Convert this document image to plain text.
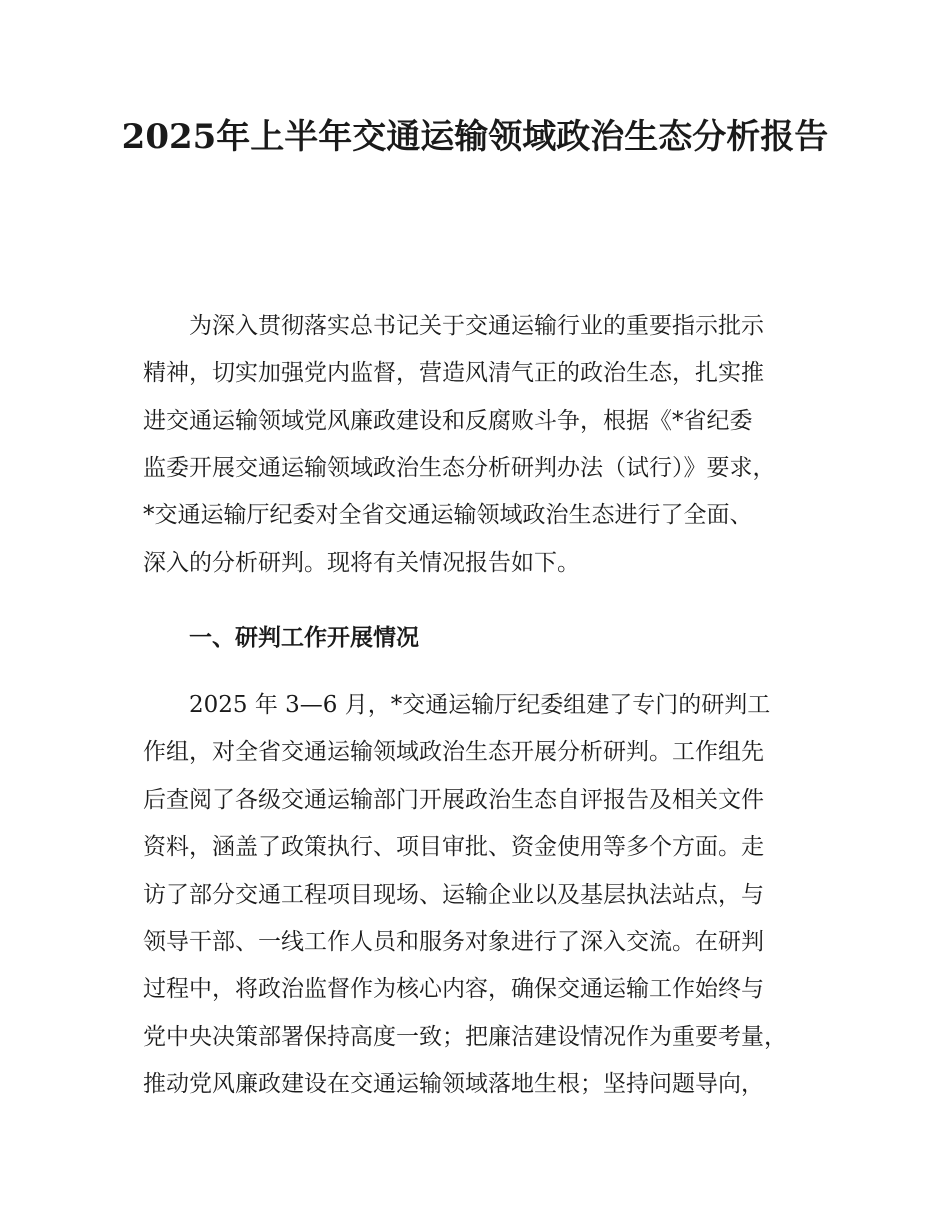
2025年上半年交通运输领域政治生态分析报告

为深入贯彻落实总书记关于交通运输行业的重要指示批示

精神，切实加强党内监督，营造风清气正的政治生态，扎实推

进交通运输领域党风廉政建设和反腐败斗争，根据《*省纪委

监委开展交通运输领域政治生态分析研判办法（试行）》要求，

*交通运输厅纪委对全省交通运输领域政治生态进行了全面、

深入的分析研判。现将有关情况报告如下。

一、研判工作开展情况

2025 年 3—6 月，*交通运输厅纪委组建了专门的研判工

作组，对全省交通运输领域政治生态开展分析研判。工作组先

后查阅了各级交通运输部门开展政治生态自评报告及相关文件

资料，涵盖了政策执行、项目审批、资金使用等多个方面。走

访了部分交通工程项目现场、运输企业以及基层执法站点，与

领导干部、一线工作人员和服务对象进行了深入交流。在研判

过程中，将政治监督作为核心内容，确保交通运输工作始终与

党中央决策部署保持高度一致；把廉洁建设情况作为重要考量，

推动党风廉政建设在交通运输领域落地生根；坚持问题导向，
